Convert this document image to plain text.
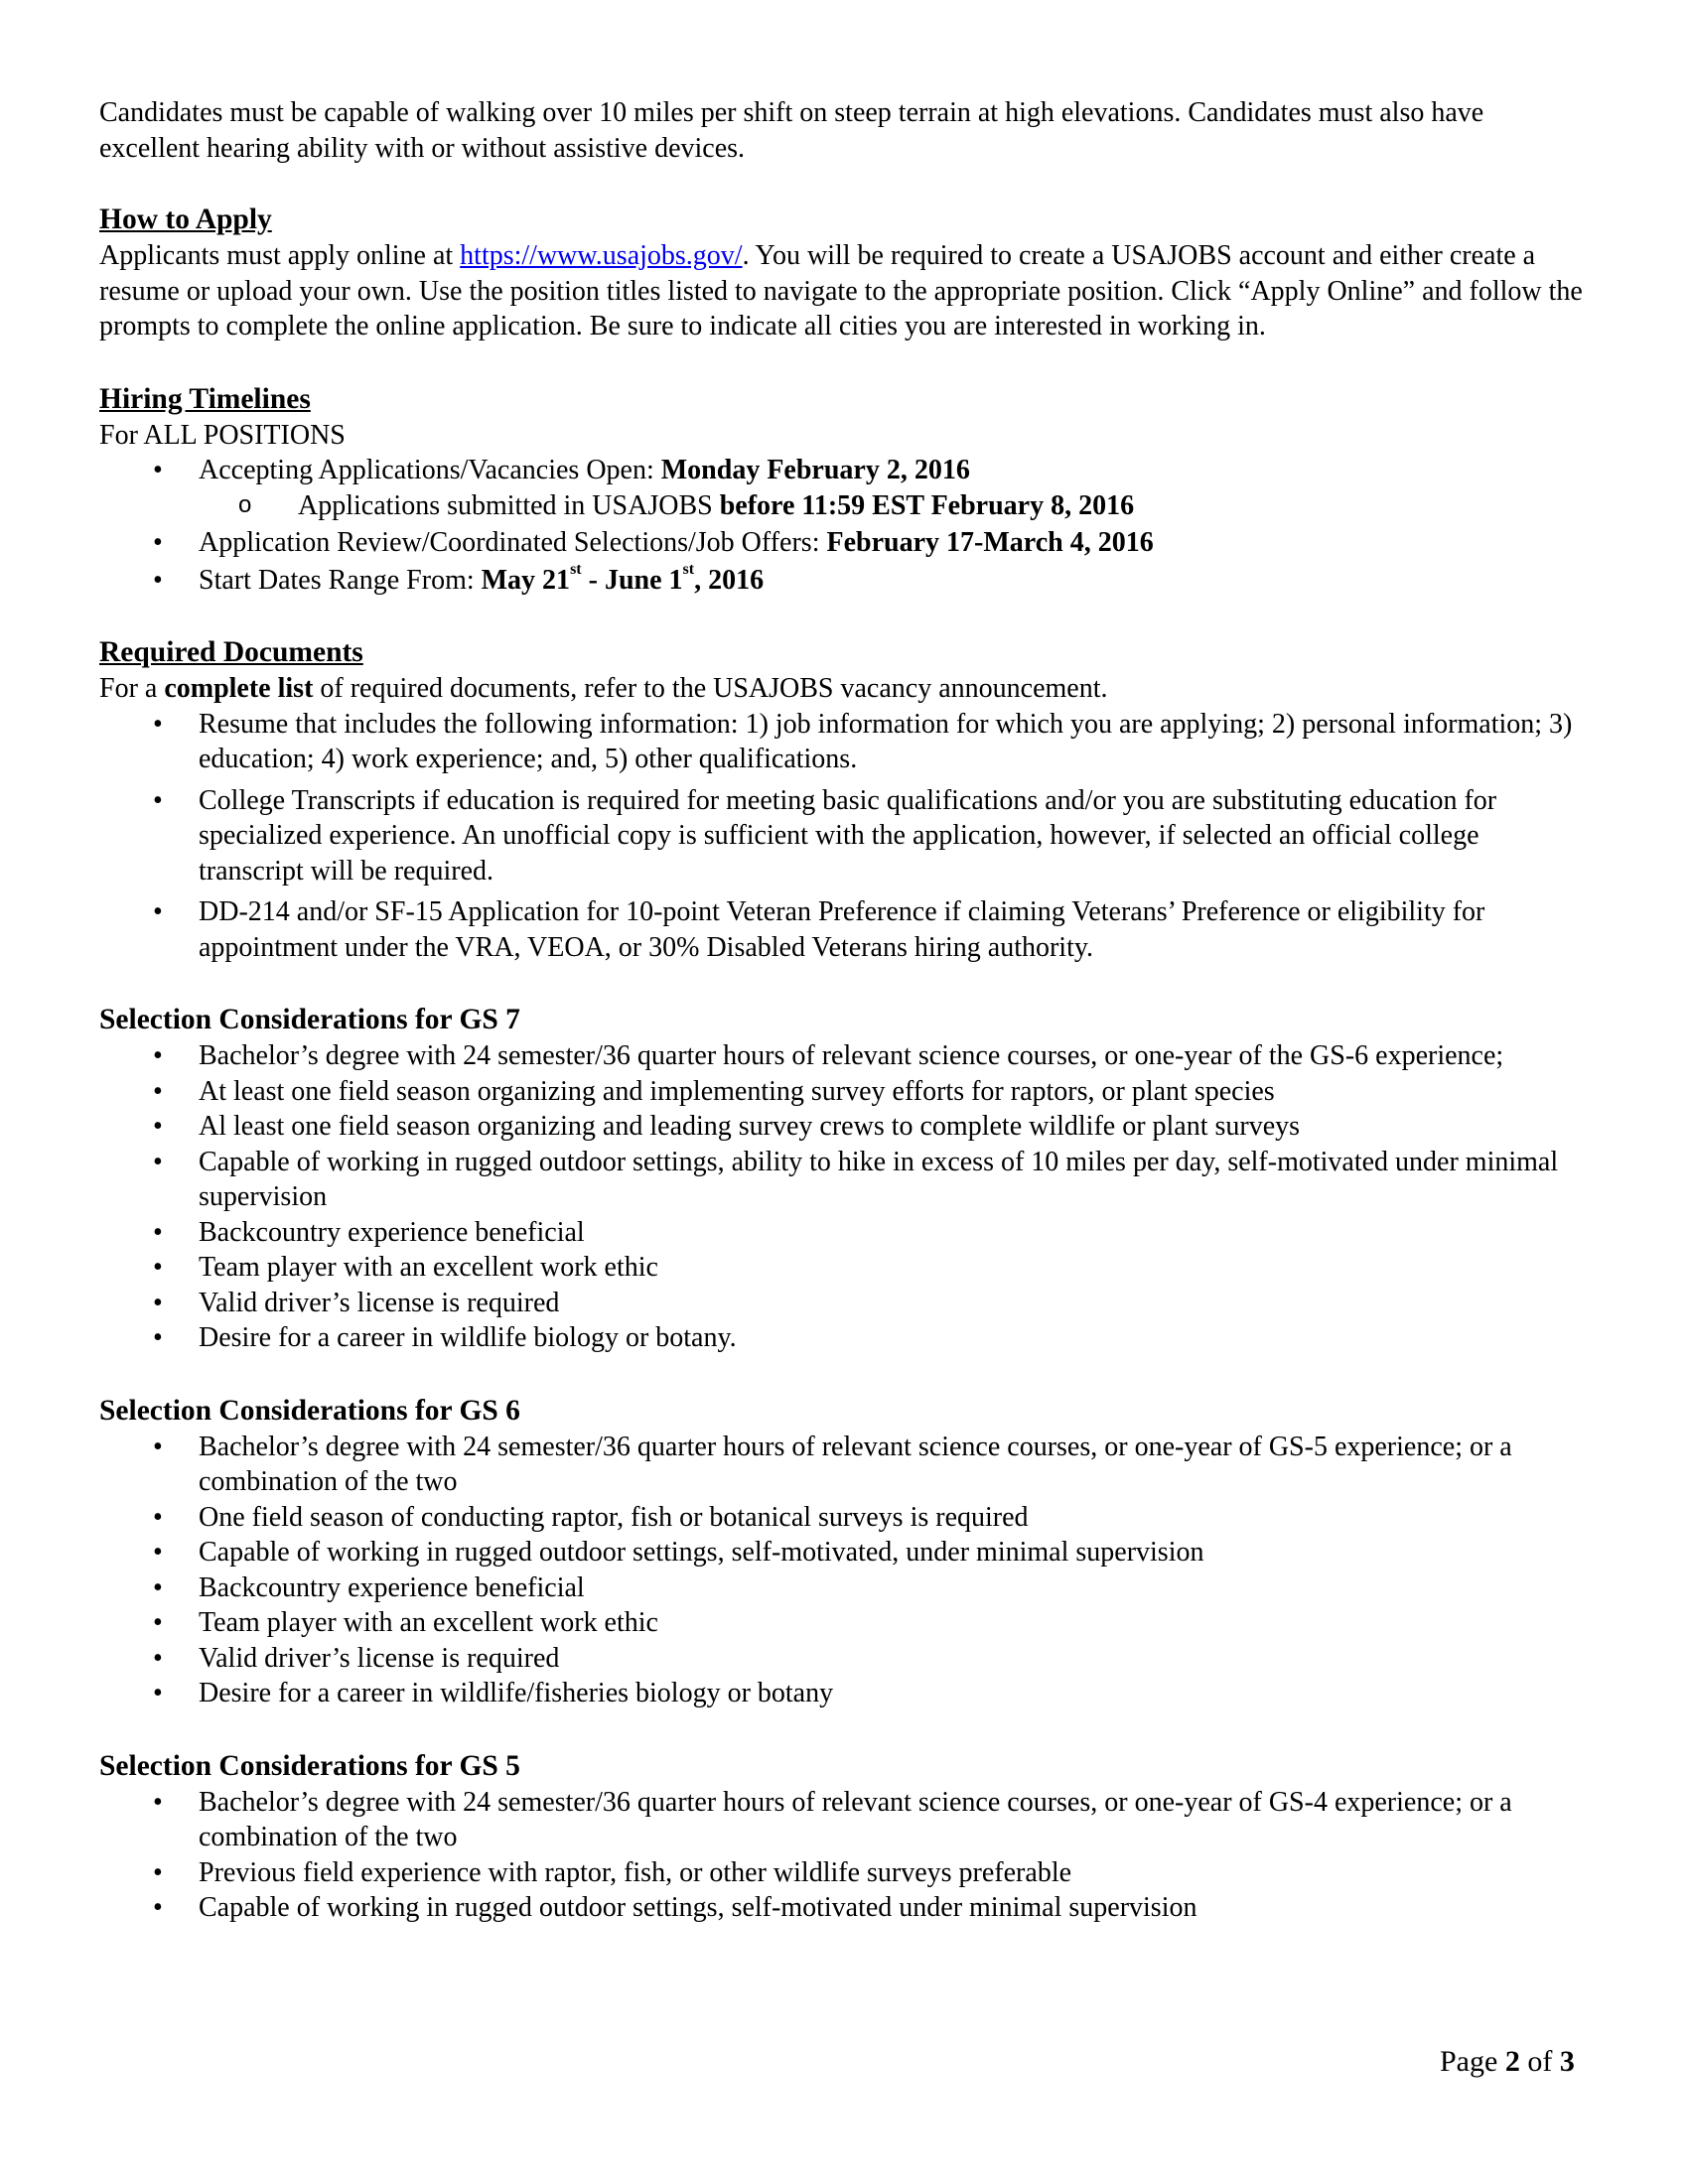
Candidates must be capable of walking over 10 miles per shift on steep terrain at high elevations. Candidates must also have excellent hearing ability with or without assistive devices.

How to Apply

Applicants must apply online at https://www.usajobs.gov/. You will be required to create a USAJOBS account and either create a resume or upload your own. Use the position titles listed to navigate to the appropriate position. Click “Apply Online” and follow the prompts to complete the online application. Be sure to indicate all cities you are interested in working in.

Hiring Timelines

For ALL POSITIONS

• Accepting Applications/Vacancies Open: Monday February 2, 2016
o Applications submitted in USAJOBS before 11:59 EST February 8, 2016
• Application Review/Coordinated Selections/Job Offers: February 17-March 4, 2016
• Start Dates Range From: May 21st - June 1st, 2016

Required Documents

For a complete list of required documents, refer to the USAJOBS vacancy announcement.

• Resume that includes the following information: 1) job information for which you are applying; 2) personal information; 3) education; 4) work experience; and, 5) other qualifications.
• College Transcripts if education is required for meeting basic qualifications and/or you are substituting education for specialized experience. An unofficial copy is sufficient with the application, however, if selected an official college transcript will be required.
• DD-214 and/or SF-15 Application for 10-point Veteran Preference if claiming Veterans’ Preference or eligibility for appointment under the VRA, VEOA, or 30% Disabled Veterans hiring authority.

Selection Considerations for GS 7

• Bachelor’s degree with 24 semester/36 quarter hours of relevant science courses, or one-year of the GS-6 experience;
• At least one field season organizing and implementing survey efforts for raptors, or plant species
• Al least one field season organizing and leading survey crews to complete wildlife or plant surveys
• Capable of working in rugged outdoor settings, ability to hike in excess of 10 miles per day, self-motivated under minimal supervision
• Backcountry experience beneficial
• Team player with an excellent work ethic
• Valid driver’s license is required
• Desire for a career in wildlife biology or botany.

Selection Considerations for GS 6

• Bachelor’s degree with 24 semester/36 quarter hours of relevant science courses, or one-year of GS-5 experience; or a combination of the two
• One field season of conducting raptor, fish or botanical surveys is required
• Capable of working in rugged outdoor settings, self-motivated, under minimal supervision
• Backcountry experience beneficial
• Team player with an excellent work ethic
• Valid driver’s license is required
• Desire for a career in wildlife/fisheries biology or botany

Selection Considerations for GS 5

• Bachelor’s degree with 24 semester/36 quarter hours of relevant science courses, or one-year of GS-4 experience; or a combination of the two
• Previous field experience with raptor, fish, or other wildlife surveys preferable
• Capable of working in rugged outdoor settings, self-motivated under minimal supervision
Page 2 of 3
